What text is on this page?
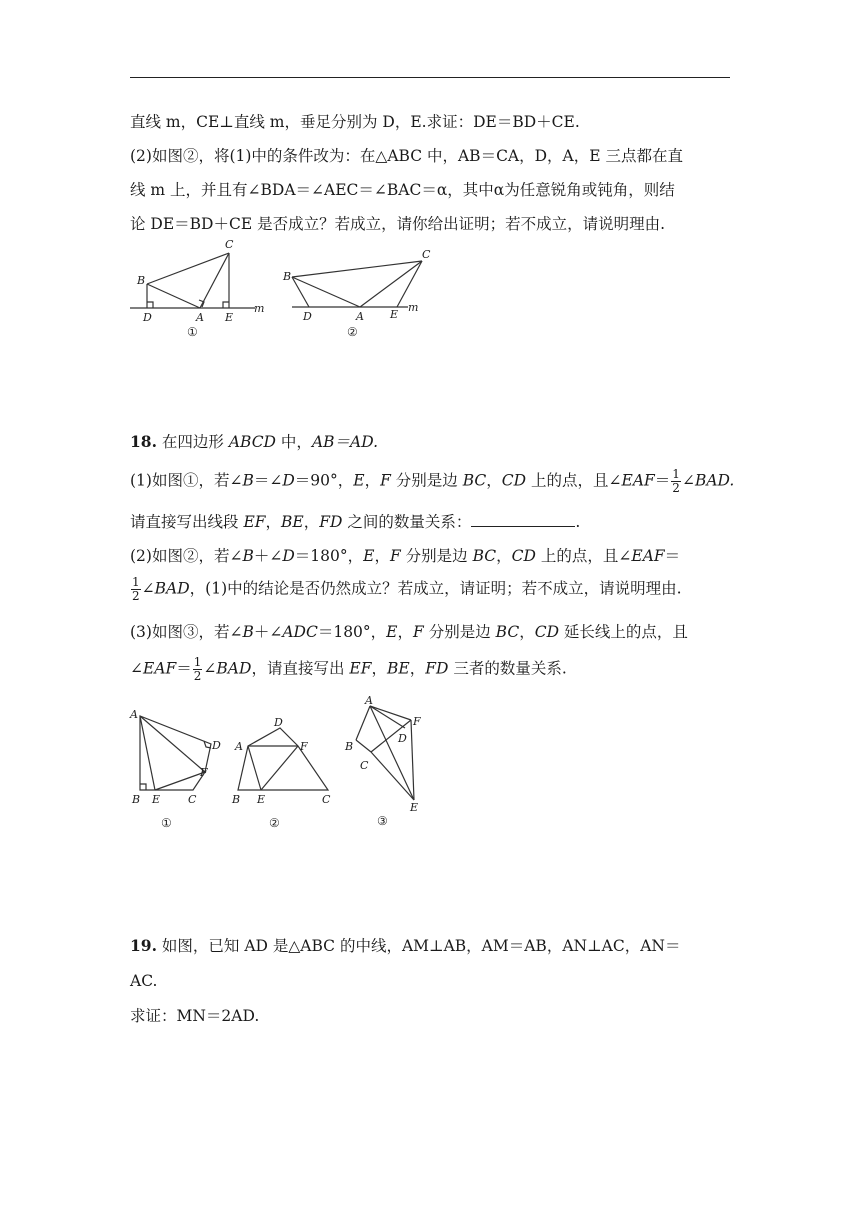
直线 m，CE⊥直线 m，垂足分别为 D，E.求证：DE＝BD＋CE.
(2)如图②，将(1)中的条件改为：在△ABC 中，AB＝CA，D，A，E 三点都在直
线 m 上，并且有∠BDA＝∠AEC＝∠BAC＝α，其中α为任意锐角或钝角，则结
论 DE＝BD＋CE 是否成立？若成立，请你给出证明；若不成立，请说明理由.
B
C
D	A E
m
①
B
C
D	A E
m
②
18. 在四边形 ABCD 中，AB＝AD.
(1)如图①，若∠B＝∠D＝90°，E，F 分别是边 BC，CD 上的点，且∠EAF＝ $\frac{1}{2}$ ∠BAD.
请直接写出线段 EF，BE，FD 之间的数量关系：	.
(2)如图②，若∠B＋∠D＝180°，E，F 分别是边 BC，CD 上的点，且∠EAF＝
$\frac{1}{2}$ ∠BAD，(1)中的结论是否仍然成立？若成立，请证明；若不成立，请说明理由.
(3)如图③，若∠B＋∠ADC＝180°，E，F 分别是边 BC，CD 延长线上的点，且
∠EAF＝ $\frac{1}{2}$ ∠BAD，请直接写出 EF，BE，FD 三者的数量关系.
A
D
F
B E	C
①
D
A	F
B E	C
②
A
F
D
B
C
E
③
19. 如图，已知 AD 是△ABC 的中线，AM⊥AB，AM＝AB，AN⊥AC，AN＝
AC.
求证：MN＝2AD.
